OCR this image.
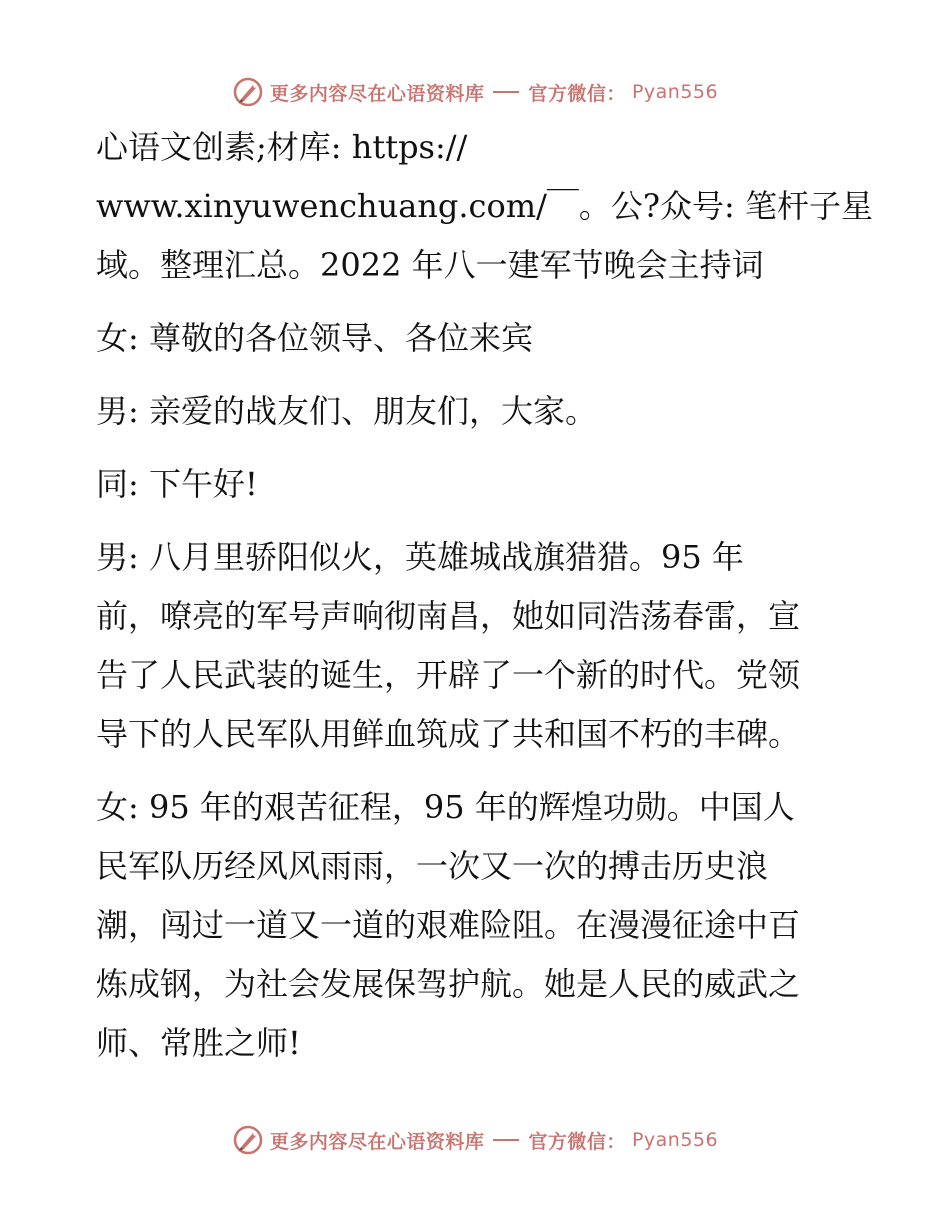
更多内容尽在心语资料库 官方微信： Pyan556

心语文创素;材库: https://
www.xinyuwenchuang.com/￣。公?众号: 笔杆子星
域。整理汇总。2022 年八一建军节晚会主持词

女: 尊敬的各位领导、各位来宾

男: 亲爱的战友们、朋友们，大家。

同: 下午好!

男: 八月里骄阳似火，英雄城战旗猎猎。95 年
前，嘹亮的军号声响彻南昌，她如同浩荡春雷，宣
告了人民武装的诞生，开辟了一个新的时代。党领
导下的人民军队用鲜血筑成了共和国不朽的丰碑。

女: 95 年的艰苦征程，95 年的辉煌功勋。中国人
民军队历经风风雨雨，一次又一次的搏击历史浪
潮，闯过一道又一道的艰难险阻。在漫漫征途中百
炼成钢，为社会发展保驾护航。她是人民的威武之
师、常胜之师!

更多内容尽在心语资料库 官方微信： Pyan556
